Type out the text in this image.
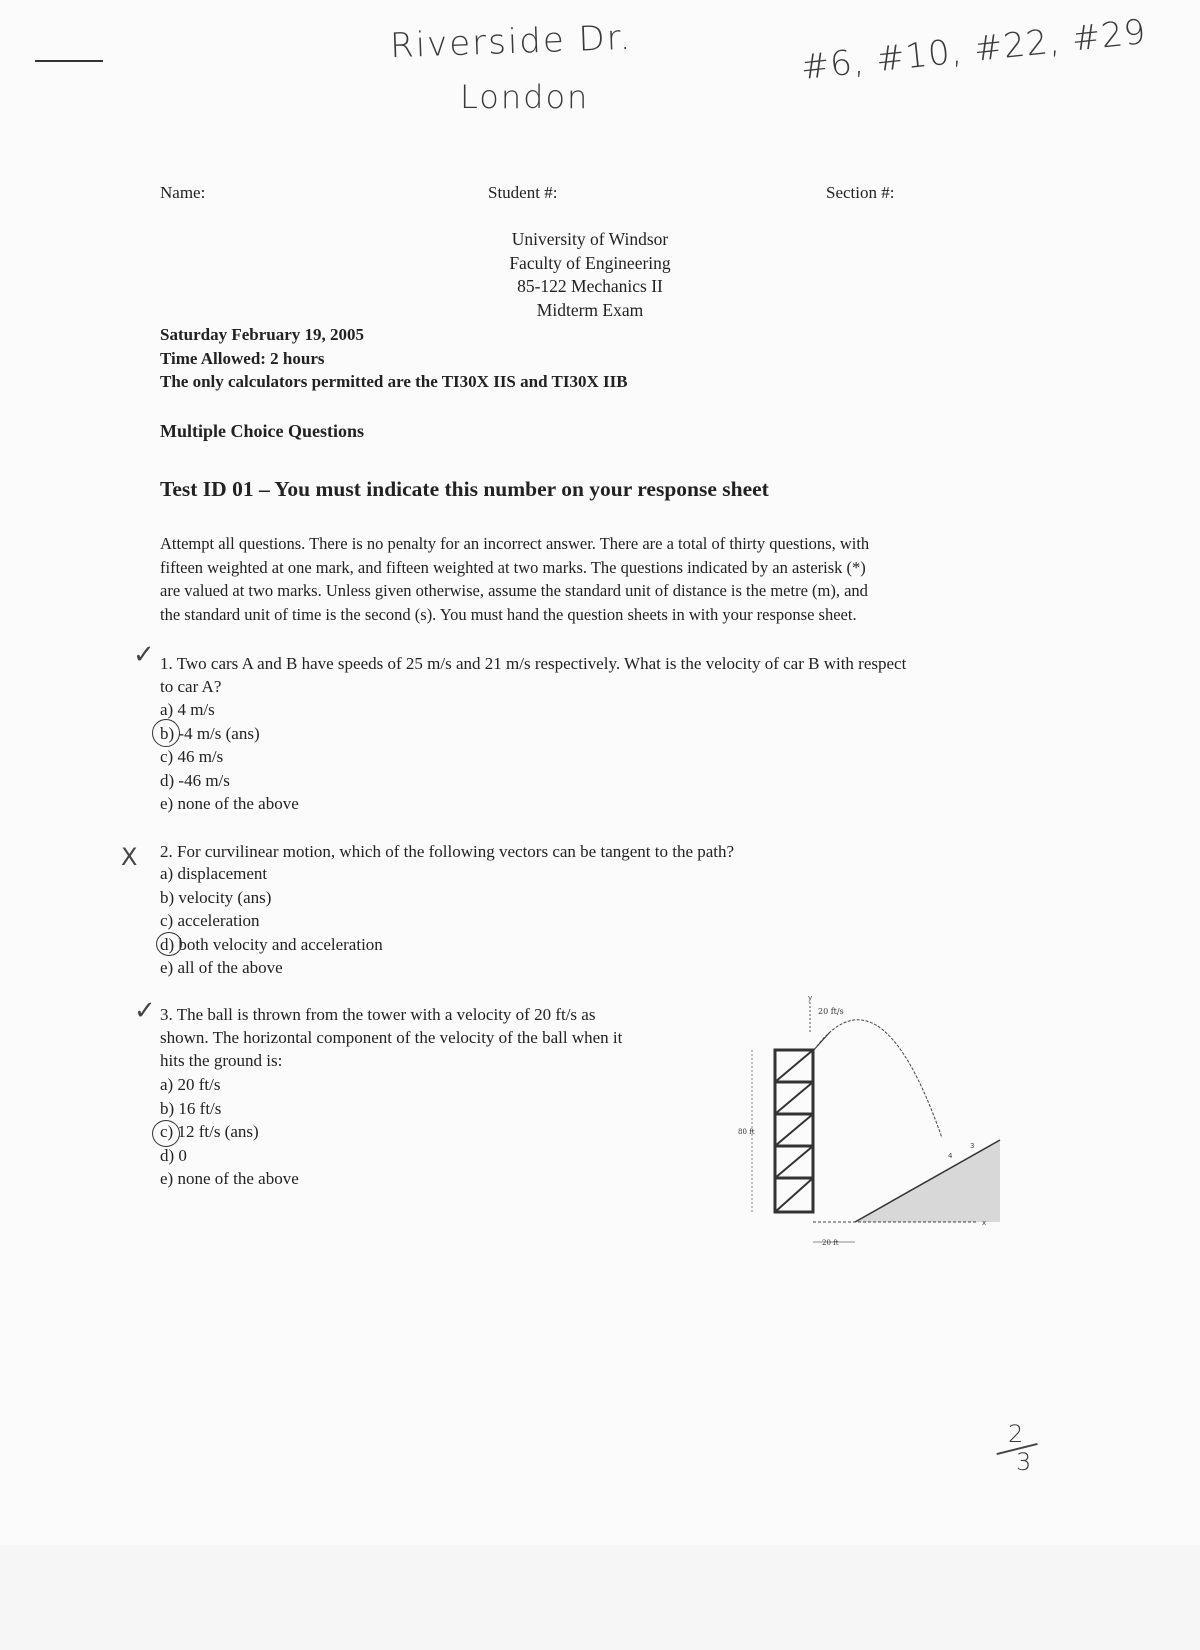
Riverside Dr.
London
#6, #10, #22, #29
Name:	Student #:	Section #:
University of Windsor
Faculty of Engineering
85-122 Mechanics II
Midterm Exam
Saturday February 19, 2005
Time Allowed: 2 hours
The only calculators permitted are the TI30X IIS and TI30X IIB
Multiple Choice Questions
Test ID 01 – You must indicate this number on your response sheet
Attempt all questions. There is no penalty for an incorrect answer. There are a total of thirty questions, with
fifteen weighted at one mark, and fifteen weighted at two marks. The questions indicated by an asterisk (*)
are valued at two marks. Unless given otherwise, assume the standard unit of distance is the metre (m), and
the standard unit of time is the second (s). You must hand the question sheets in with your response sheet.
✓ 1. Two cars A and B have speeds of 25 m/s and 21 m/s respectively. What is the velocity of car B with respect
to car A?
a) 4 m/s
b) -4 m/s (ans)
c) 46 m/s
d) -46 m/s
e) none of the above
X 2. For curvilinear motion, which of the following vectors can be tangent to the path?
a) displacement
b) velocity (ans)
c) acceleration
d) both velocity and acceleration
e) all of the above
✓ 3. The ball is thrown from the tower with a velocity of 20 ft/s as
shown. The horizontal component of the velocity of the ball when it
hits the ground is:
a) 20 ft/s
b) 16 ft/s
c) 12 ft/s (ans)
d) 0
e) none of the above
y
20 ft/s
80 ft
x
3
4
20 ft
2
3
